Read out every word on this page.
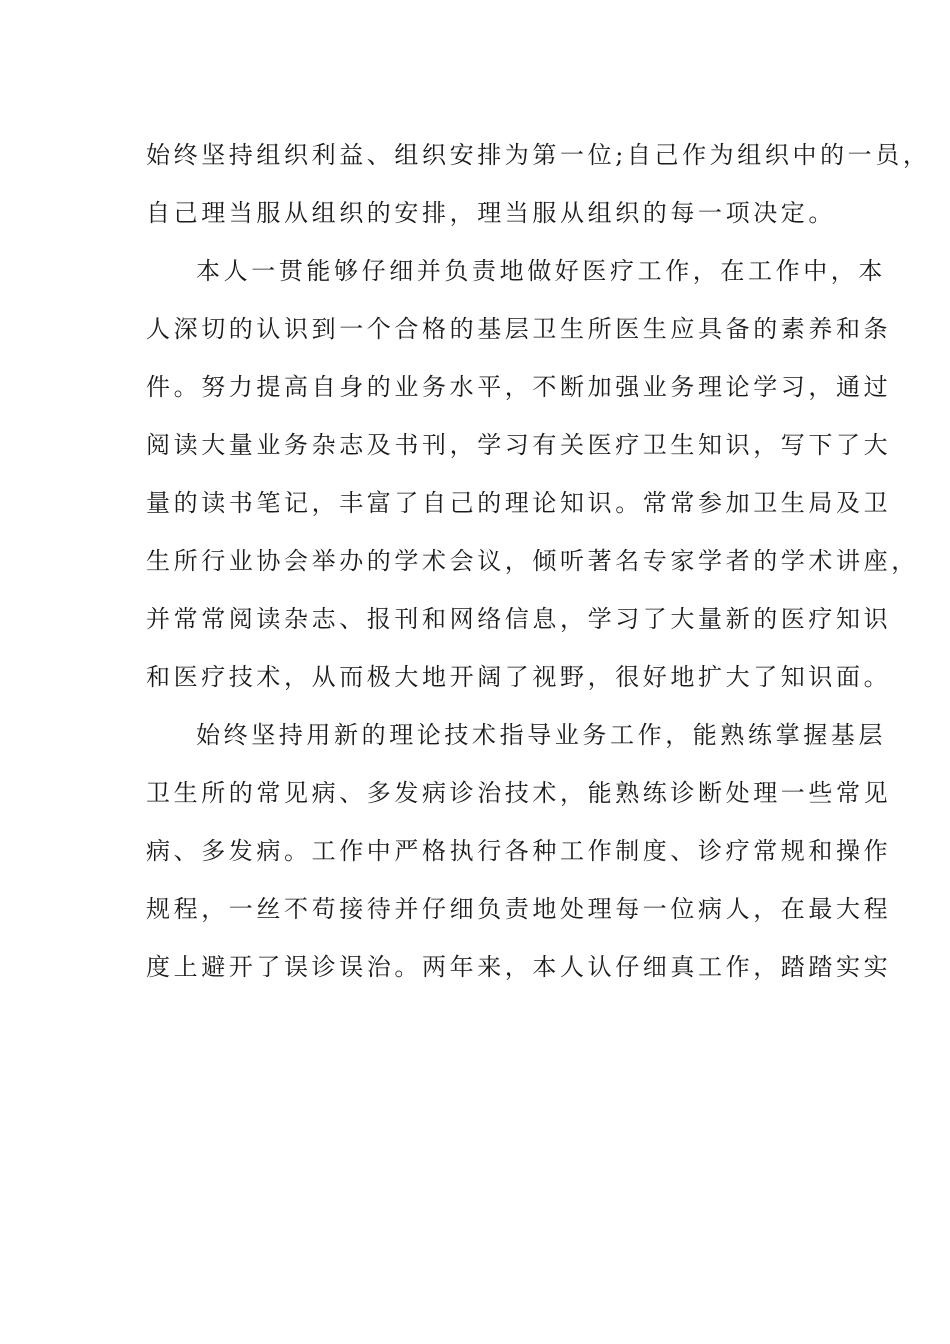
始终坚持组织利益、组织安排为第一位;自己作为组织中的一员，
自己理当服从组织的安排，理当服从组织的每一项决定。
本人一贯能够仔细并负责地做好医疗工作，在工作中，本
人深切的认识到一个合格的基层卫生所医生应具备的素养和条
件。努力提高自身的业务水平，不断加强业务理论学习，通过
阅读大量业务杂志及书刊，学习有关医疗卫生知识，写下了大
量的读书笔记，丰富了自己的理论知识。常常参加卫生局及卫
生所行业协会举办的学术会议，倾听著名专家学者的学术讲座，
并常常阅读杂志、报刊和网络信息，学习了大量新的医疗知识
和医疗技术，从而极大地开阔了视野，很好地扩大了知识面。
始终坚持用新的理论技术指导业务工作，能熟练掌握基层
卫生所的常见病、多发病诊治技术，能熟练诊断处理一些常见
病、多发病。工作中严格执行各种工作制度、诊疗常规和操作
规程，一丝不苟接待并仔细负责地处理每一位病人，在最大程
度上避开了误诊误治。两年来，本人认仔细真工作，踏踏实实
